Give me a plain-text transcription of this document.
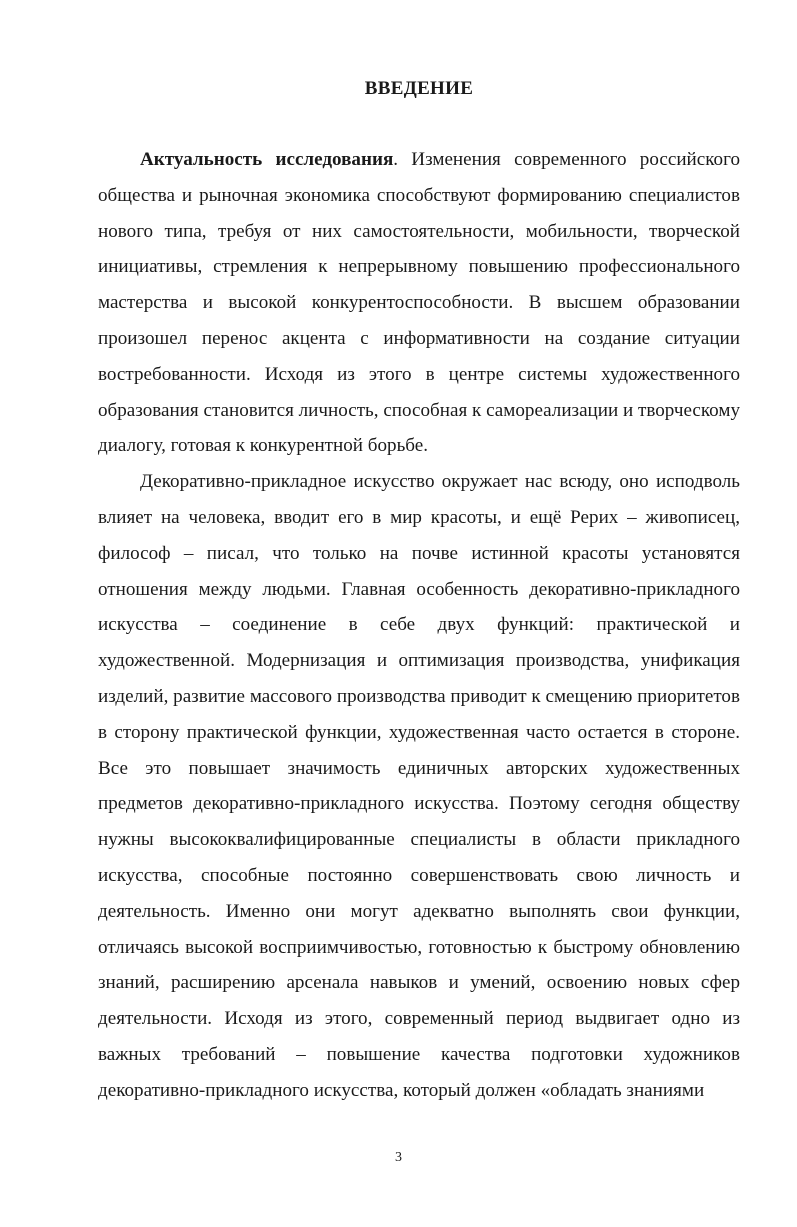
ВВЕДЕНИЕ

Актуальность исследования. Изменения современного российского общества и рыночная экономика способствуют формированию специалистов нового типа, требуя от них самостоятельности, мобильности, творческой инициативы, стремления к непрерывному повышению профессионального мастерства и высокой конкурентоспособности. В высшем образовании произошел перенос акцента с информативности на создание ситуации востребованности. Исходя из этого в центре системы художественного образования становится личность, способная к самореализации и творческому диалогу, готовая к конкурентной борьбе.

Декоративно-прикладное искусство окружает нас всюду, оно исподволь влияет на человека, вводит его в мир красоты, и ещё Рерих – живописец, философ – писал, что только на почве истинной красоты установятся отношения между людьми. Главная особенность декоративно-прикладного искусства – соединение в себе двух функций: практической и художественной. Модернизация и оптимизация производства, унификация изделий, развитие массового производства приводит к смещению приоритетов в сторону практической функции, художественная часто остается в стороне. Все это повышает значимость единичных авторских художественных предметов декоративно-прикладного искусства. Поэтому сегодня обществу нужны высококвалифицированные специалисты в области прикладного искусства, способные постоянно совершенствовать свою личность и деятельность. Именно они могут адекватно выполнять свои функции, отличаясь высокой восприимчивостью, готовностью к быстрому обновлению знаний, расширению арсенала навыков и умений, освоению новых сфер деятельности. Исходя из этого, современный период выдвигает одно из важных требований – повышение качества подготовки художников декоративно-прикладного искусства, который должен «обладать знаниями

3
